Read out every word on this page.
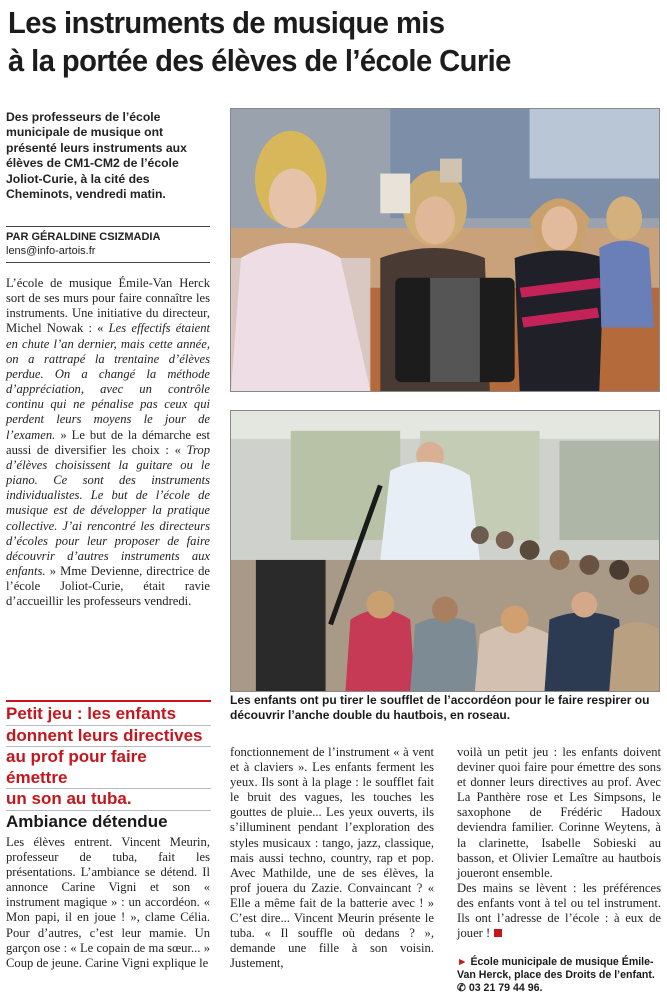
Les instruments de musique mis
à la portée des élèves de l’école Curie
Des professeurs de l’école municipale de musique ont présenté leurs instruments aux élèves de CM1-CM2 de l’école Joliot-Curie, à la cité des Cheminots, vendredi matin.
PAR GÉRALDINE CSIZMADIA
lens@info-artois.fr

L’école de musique Émile-Van Herck sort de ses murs pour faire connaître les instruments. Une initiative du directeur, Michel Nowak : « Les effectifs étaient en chute l’an dernier, mais cette année, on a rattrapé la trentaine d’élèves perdue. On a changé la méthode d’appréciation, avec un contrôle continu qui ne pénalise pas ceux qui perdent leurs moyens le jour de l’examen. » Le but de la démarche est aussi de diversifier les choix : « Trop d’élèves choisissent la guitare ou le piano. Ce sont des instruments individualistes. Le but de l’école de musique est de développer la pratique collective. J’ai rencontré les directeurs d’écoles pour leur proposer de faire découvrir d’autres instruments aux enfants. » Mme Devienne, directrice de l’école Joliot-Curie, était ravie d’accueillir les professeurs vendredi.

Les enfants ont pu tirer le soufflet de l’accordéon pour le faire respirer ou découvrir l’anche double du hautbois, en roseau.
Petit jeu : les enfants
donnent leurs directives
au prof pour faire émettre
un son au tuba.
Ambiance détendue

Les élèves entrent. Vincent Meurin, professeur de tuba, fait les présentations. L’ambiance se détend. Il annonce Carine Vigni et son « instrument magique » : un accordéon. « Mon papi, il en joue ! », clame Célia. Pour d’autres, c’est leur mamie. Un garçon ose : « Le copain de ma sœur... » Coup de jeune. Carine Vigni explique le

fonctionnement de l’instrument « à vent et à claviers ». Les enfants ferment les yeux. Ils sont à la plage : le soufflet fait le bruit des vagues, les touches les gouttes de pluie... Les yeux ouverts, ils s’illuminent pendant l’exploration des styles musicaux : tango, jazz, classique, mais aussi techno, country, rap et pop. Avec Mathilde, une de ses élèves, la prof jouera du Zazie. Convaincant ? « Elle a même fait de la batterie avec ! » C’est dire... Vincent Meurin présente le tuba. « Il souffle où dedans ? », demande une fille à son voisin. Justement,

voilà un petit jeu : les enfants doivent deviner quoi faire pour émettre des sons et donner leurs directives au prof. Avec La Panthère rose et Les Simpsons, le saxophone de Frédéric Hadoux deviendra familier. Corinne Weytens, à la clarinette, Isabelle Sobieski au basson, et Olivier Lemaître au hautbois joueront ensemble.

Des mains se lèvent : les préférences des enfants vont à tel ou tel instrument. Ils ont l’adresse de l’école : à eux de jouer !

► École municipale de musique Émile-Van Herck, place des Droits de l’enfant. ✆ 03 21 79 44 96.
